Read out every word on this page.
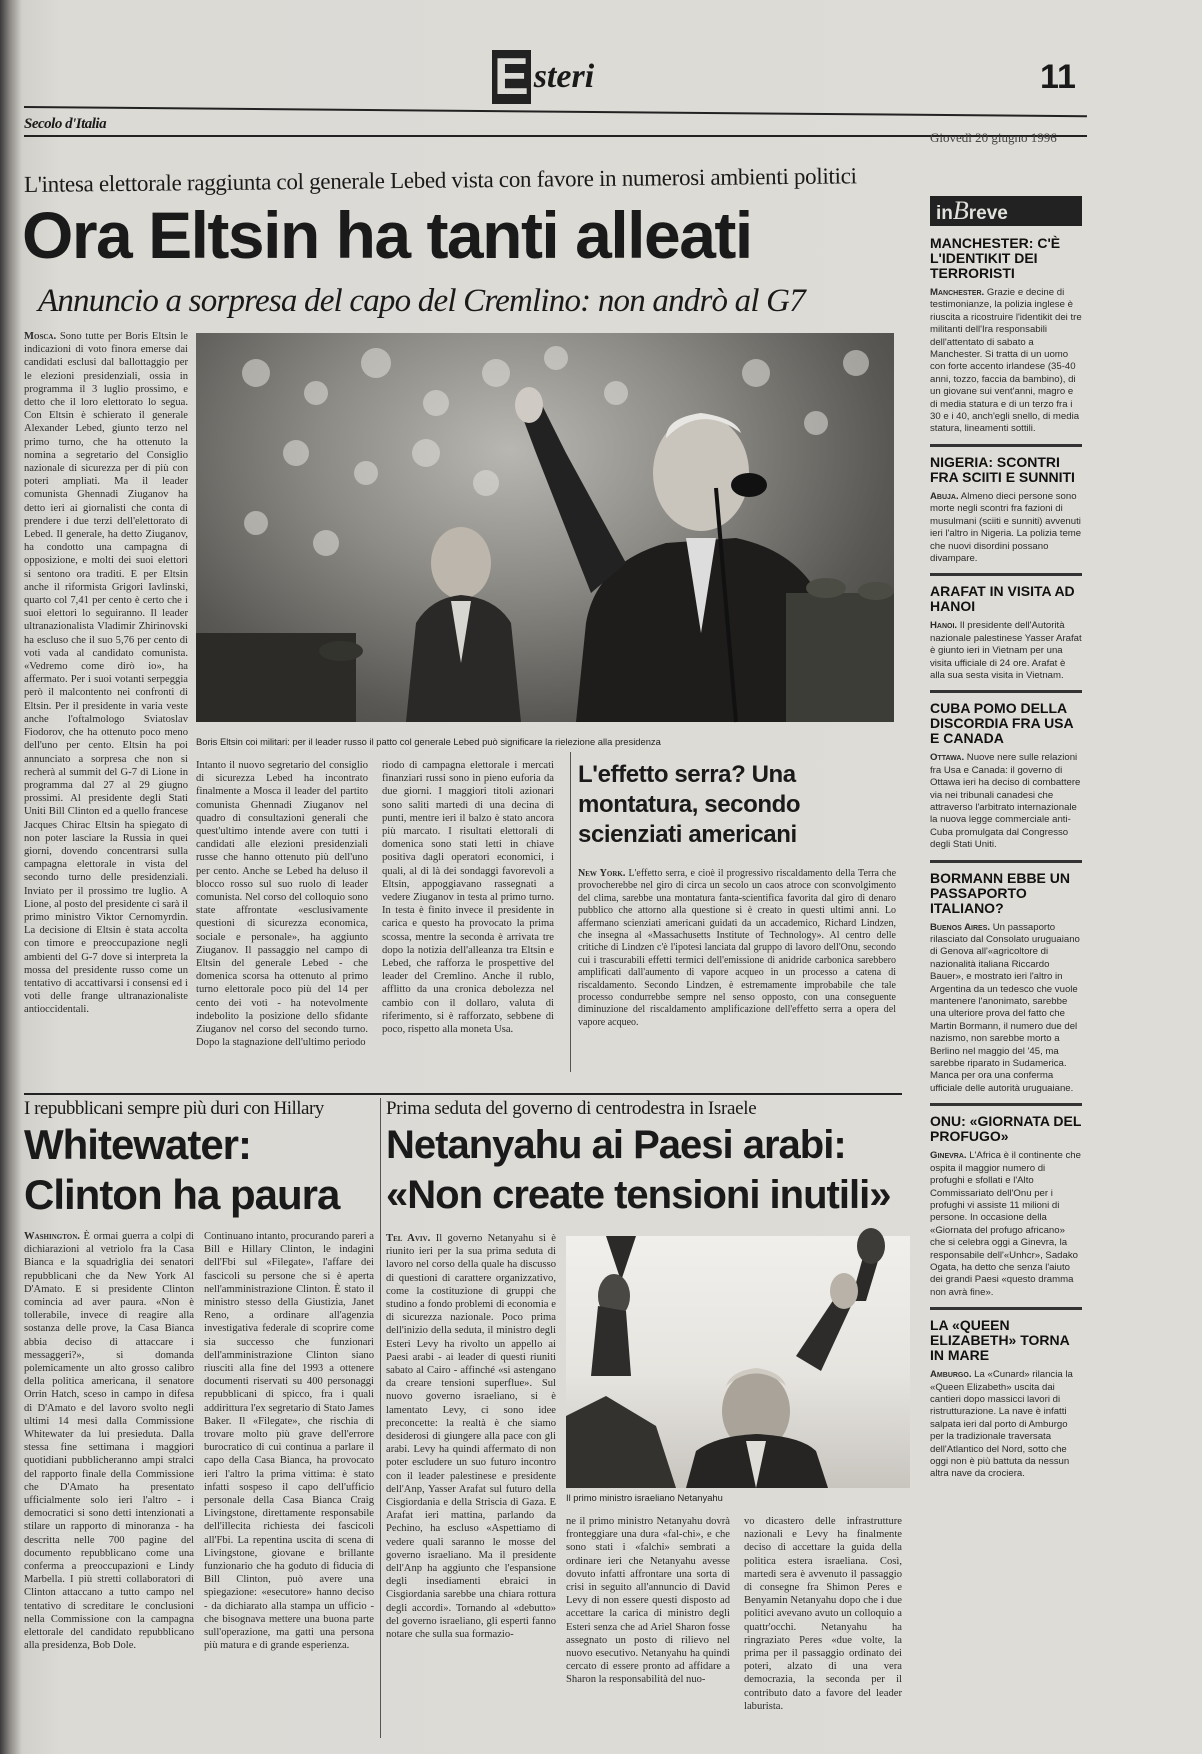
Secolo d'Italia
E steri	11
Giovedì 20 giugno 1996
L'intesa elettorale raggiunta col generale Lebed vista con favore in numerosi ambienti politici
Ora Eltsin ha tanti alleati
Annuncio a sorpresa del capo del Cremlino: non andrò al G7
Mosca. Sono tutte per Boris Eltsin le indicazioni di voto finora emerse dai candidati esclusi dal ballottaggio per le elezioni presidenziali, ossia in programma il 3 luglio prossimo, e detto che il loro elettorato lo segua. Con Eltsin è schierato il generale Alexander Lebed, giunto terzo nel primo turno, che ha ottenuto la nomina a segretario del Consiglio nazionale di sicurezza per di più con poteri ampliati. Ma il leader comunista Ghennadi Ziuganov ha detto ieri ai giornalisti che conta di prendere i due terzi dell'elettorato di Lebed. Il generale, ha detto Ziuganov, ha condotto una campagna di opposizione, e molti dei suoi elettori si sentono ora traditi. E per Eltsin anche il riformista Grigori Iavlinski, quarto col 7,41 per cento è certo che i suoi elettori lo seguiranno. Il leader ultranazionalista Vladimir Zhirinovski ha escluso che il suo 5,76 per cento di voti vada al candidato comunista. «Vedremo come dirò io», ha affermato. Per i suoi votanti serpeggia però il malcontento nei confronti di Eltsin. Per il presidente in varia veste anche l'oftalmologo Sviatoslav Fiodorov, che ha ottenuto poco meno dell'uno per cento. Eltsin ha poi annunciato a sorpresa che non si recherà al summit del G-7 di Lione in programma dal 27 al 29 giugno prossimi. Al presidente degli Stati Uniti Bill Clinton ed a quello francese Jacques Chirac Eltsin ha spiegato di non poter lasciare la Russia in quei giorni, dovendo concentrarsi sulla campagna elettorale in vista del secondo turno delle presidenziali. Inviato per il prossimo tre luglio. A Lione, al posto del presidente ci sarà il primo ministro Viktor Cernomyrdin. La decisione di Eltsin è stata accolta con timore e preoccupazione negli ambienti del G-7 dove si interpreta la mossa del presidente russo come un tentativo di accattivarsi i consensi ed i voti delle frange ultranazionaliste antioccidentali.
Boris Eltsin coi militari: per il leader russo il patto col generale Lebed può significare la rielezione alla presidenza
Intanto il nuovo segretario del consiglio di sicurezza Lebed ha incontrato finalmente a Mosca il leader del partito comunista Ghennadi Ziuganov nel quadro di consultazioni generali che quest'ultimo intende avere con tutti i candidati alle elezioni presidenziali russe che hanno ottenuto più dell'uno per cento. Anche se Lebed ha deluso il blocco rosso sul suo ruolo di leader comunista. Nel corso del colloquio sono state affrontate «esclusivamente questioni di sicurezza economica, sociale e personale», ha aggiunto Ziuganov. Il passaggio nel campo di Eltsin del generale Lebed - che domenica scorsa ha ottenuto al primo turno elettorale poco più del 14 per cento dei voti - ha notevolmente indebolito la posizione dello sfidante Ziuganov nel corso del secondo turno. Dopo la stagnazione dell'ultimo periodo
riodo di campagna elettorale i mercati finanziari russi sono in pieno euforia da due giorni. I maggiori titoli azionari sono saliti martedì di una decina di punti, mentre ieri il balzo è stato ancora più marcato. I risultati elettorali di domenica sono stati letti in chiave positiva dagli operatori economici, i quali, al di là dei sondaggi favorevoli a Eltsin, appoggiavano rassegnati a vedere Ziuganov in testa al primo turno. In testa è finito invece il presidente in carica e questo ha provocato la prima scossa, mentre la seconda è arrivata tre dopo la notizia dell'alleanza tra Eltsin e Lebed, che rafforza le prospettive del leader del Cremlino. Anche il rublo, afflitto da una cronica debolezza nel cambio con il dollaro, valuta di riferimento, si è rafforzato, sebbene di poco, rispetto alla moneta Usa.
L'effetto serra? Una montatura, secondo scienziati americani
New York. L'effetto serra, e cioè il progressivo riscaldamento della Terra che provocherebbe nel giro di circa un secolo un caos atroce con sconvolgimento del clima, sarebbe una montatura fanta-scientifica favorita dal giro di denaro pubblico che attorno alla questione si è creato in questi ultimi anni. Lo affermano scienziati americani guidati da un accademico, Richard Lindzen, che insegna al «Massachusetts Institute of Technology». Al centro delle critiche di Lindzen c'è l'ipotesi lanciata dal gruppo di lavoro dell'Onu, secondo cui i trascurabili effetti termici dell'emissione di anidride carbonica sarebbero amplificati dall'aumento di vapore acqueo in un processo a catena di riscaldamento. Secondo Lindzen, è estremamente improbabile che tale processo condurrebbe sempre nel senso opposto, con una conseguente diminuzione del riscaldamento amplificazione dell'effetto serra a opera del vapore acqueo.
I repubblicani sempre più duri con Hillary
Whitewater:
Clinton ha paura
Washington. È ormai guerra a colpi di dichiarazioni al vetriolo fra la Casa Bianca e la squadriglia dei senatori repubblicani che da New York Al D'Amato. E si presidente Clinton comincia ad aver paura. «Non è tollerabile, invece di reagire alla sostanza delle prove, la Casa Bianca abbia deciso di attaccare i messaggeri?», si domanda polemicamente un alto grosso calibro della politica americana, il senatore Orrin Hatch, sceso in campo in difesa di D'Amato e del lavoro svolto negli ultimi 14 mesi dalla Commissione Whitewater da lui presieduta. Dalla stessa fine settimana i maggiori quotidiani pubblicheranno ampi stralci del rapporto finale della Commissione che D'Amato ha presentato ufficialmente solo ieri l'altro - i democratici si sono detti intenzionati a stilare un rapporto di minoranza - ha descritta nelle 700 pagine del documento repubblicano come una conferma a preoccupazioni e Lindy Marbella. I più stretti collaboratori di Clinton attaccano a tutto campo nel tentativo di screditare le conclusioni nella Commissione con la campagna elettorale del candidato repubblicano alla presidenza, Bob Dole.
Continuano intanto, procurando pareri a Bill e Hillary Clinton, le indagini dell'Fbi sul «Filegate», l'affare dei fascicoli su persone che si è aperta nell'amministrazione Clinton. È stato il ministro stesso della Giustizia, Janet Reno, a ordinare all'agenzia investigativa federale di scoprire come sia successo che funzionari dell'amministrazione Clinton siano riusciti alla fine del 1993 a ottenere documenti riservati su 400 personaggi repubblicani di spicco, fra i quali addirittura l'ex segretario di Stato James Baker. Il «Filegate», che rischia di trovare molto più grave dell'errore burocratico di cui continua a parlare il capo della Casa Bianca, ha provocato ieri l'altro la prima vittima: è stato infatti sospeso il capo dell'ufficio personale della Casa Bianca Craig Livingstone, direttamente responsabile dell'illecita richiesta dei fascicoli all'Fbi. La repentina uscita di scena di Livingstone, giovane e brillante funzionario che ha goduto di fiducia di Bill Clinton, può avere una spiegazione: «esecutore» hanno deciso - da dichiarato alla stampa un ufficio - che bisognava mettere una buona parte sull'operazione, ma gatti una persona più matura e di grande esperienza.
Prima seduta del governo di centrodestra in Israele
Netanyahu ai Paesi arabi:
«Non create tensioni inutili»
Tel Aviv. Il governo Netanyahu si è riunito ieri per la sua prima seduta di lavoro nel corso della quale ha discusso di questioni di carattere organizzativo, come la costituzione di gruppi che studino a fondo problemi di economia e di sicurezza nazionale. Poco prima dell'inizio della seduta, il ministro degli Esteri Levy ha rivolto un appello ai Paesi arabi - ai leader di questi riuniti sabato al Cairo - affinché «si astengano da creare tensioni superflue». Sul nuovo governo israeliano, si è lamentato Levy, ci sono idee preconcette: la realtà è che siamo desiderosi di giungere alla pace con gli arabi. Levy ha quindi affermato di non poter escludere un suo futuro incontro con il leader palestinese e presidente dell'Anp, Yasser Arafat sul futuro della Cisgiordania e della Striscia di Gaza. E Arafat ieri mattina, parlando da Pechino, ha escluso «Aspettiamo di vedere quali saranno le mosse del governo israeliano. Ma il presidente dell'Anp ha aggiunto che l'espansione degli insediamenti ebraici in Cisgiordania sarebbe una chiara rottura degli accordi». Tornando al «debutto» del governo israeliano, gli esperti fanno notare che sulla sua formazio-
Il primo ministro israeliano Netanyahu
ne il primo ministro Netanyahu dovrà fronteggiare una dura «fal-chi», e che sono stati i «falchi» sembrati a ordinare ieri che Netanyahu avesse dovuto infatti affrontare una sorta di crisi in seguito all'annuncio di David Levy di non essere questi disposto ad accettare la carica di ministro degli Esteri senza che ad Ariel Sharon fosse assegnato un posto di rilievo nel nuovo esecutivo. Netanyahu ha quindi cercato di essere pronto ad affidare a Sharon la responsabilità del nuo-
vo dicastero delle infrastrutture nazionali e Levy ha finalmente deciso di accettare la guida della politica estera israeliana. Così, martedì sera è avvenuto il passaggio di consegne fra Shimon Peres e Benyamin Netanyahu dopo che i due politici avevano avuto un colloquio a quattr'occhi. Netanyahu ha ringraziato Peres «due volte, la prima per il passaggio ordinato dei poteri, alzato di una vera democrazia, la seconda per il contributo dato a favore del leader laburista.
inBreve
MANCHESTER: C'È L'IDENTIKIT DEI TERRORISTI
Manchester. Grazie e decine di testimonianze, la polizia inglese è riuscita a ricostruire l'identikit dei tre militanti dell'Ira responsabili dell'attentato di sabato a Manchester. Si tratta di un uomo con forte accento irlandese (35-40 anni, tozzo, faccia da bambino), di un giovane sui vent'anni, magro e di media statura e di un terzo fra i 30 e i 40, anch'egli snello, di media statura, lineamenti sottili.
NIGERIA: SCONTRI FRA SCIITI E SUNNITI
Abuja. Almeno dieci persone sono morte negli scontri fra fazioni di musulmani (sciiti e sunniti) avvenuti ieri l'altro in Nigeria. La polizia teme che nuovi disordini possano divampare.
ARAFAT IN VISITA AD HANOI
Hanoi. Il presidente dell'Autorità nazionale palestinese Yasser Arafat è giunto ieri in Vietnam per una visita ufficiale di 24 ore. Arafat è alla sua sesta visita in Vietnam.
CUBA POMO DELLA DISCORDIA FRA USA E CANADA
Ottawa. Nuove nere sulle relazioni fra Usa e Canada: il governo di Ottawa ieri ha deciso di combattere via nei tribunali canadesi che attraverso l'arbitrato internazionale la nuova legge commerciale anti-Cuba promulgata dal Congresso degli Stati Uniti.
BORMANN EBBE UN PASSAPORTO ITALIANO?
Buenos Aires. Un passaporto rilasciato dal Consolato uruguaiano di Genova all'«agricoltore di nazionalità italiana Riccardo Bauer», e mostrato ieri l'altro in Argentina da un tedesco che vuole mantenere l'anonimato, sarebbe una ulteriore prova del fatto che Martin Bormann, il numero due del nazismo, non sarebbe morto a Berlino nel maggio del '45, ma sarebbe riparato in Sudamerica. Manca per ora una conferma ufficiale delle autorità uruguaiane.
ONU: «GIORNATA DEL PROFUGO»
Ginevra. L'Africa è il continente che ospita il maggior numero di profughi e sfollati e l'Alto Commissariato dell'Onu per i profughi vi assiste 11 milioni di persone. In occasione della «Giornata del profugo africano» che si celebra oggi a Ginevra, la responsabile dell'«Unhcr», Sadako Ogata, ha detto che senza l'aiuto dei grandi Paesi «questo dramma non avrà fine».
LA «QUEEN ELIZABETH» TORNA IN MARE
Amburgo. La «Cunard» rilancia la «Queen Elizabeth» uscita dai cantieri dopo massicci lavori di ristrutturazione. La nave è infatti salpata ieri dal porto di Amburgo per la tradizionale traversata dell'Atlantico del Nord, sotto che oggi non è più battuta da nessun altra nave da crociera.
